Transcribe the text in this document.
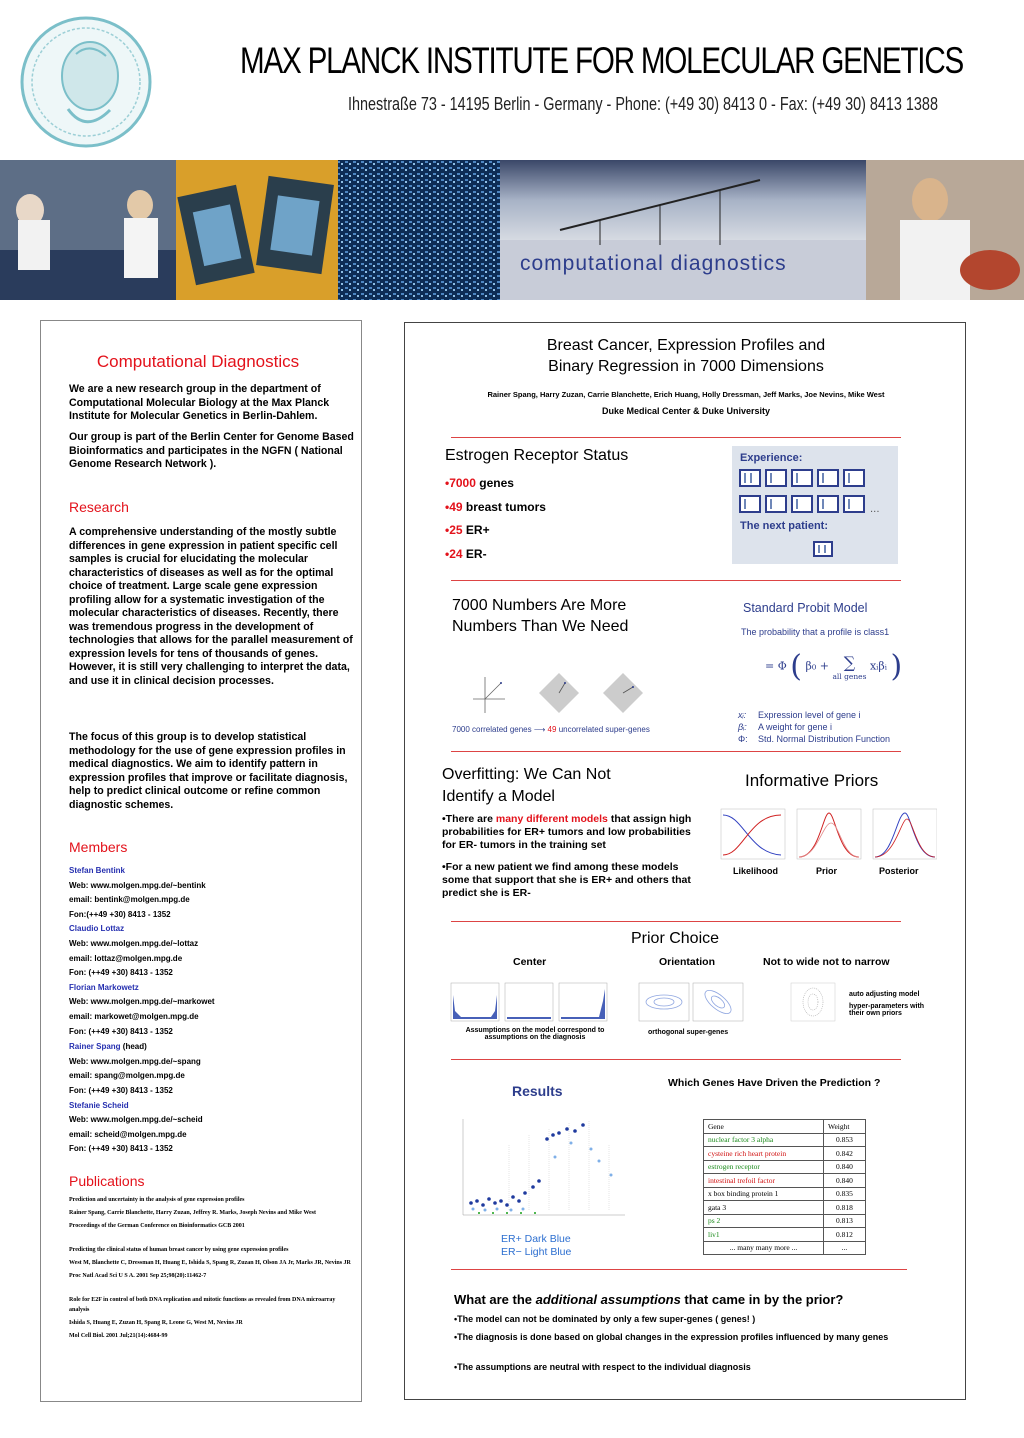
MAX PLANCK INSTITUTE FOR MOLECULAR GENETICS
Ihnestraße 73 - 14195 Berlin - Germany - Phone: (+49 30) 8413 0 - Fax: (+49 30) 8413 1388
computational diagnostics
Computational Diagnostics
We are a new research group in the department of Computational Molecular Biology at the Max Planck Institute for Molecular Genetics in Berlin-Dahlem.
Our group is part of the Berlin Center for Genome Based Bioinformatics and participates in the NGFN ( National Genome Research Network ).
Research
A comprehensive understanding of the mostly subtle differences in gene expression in patient specific cell samples is crucial for elucidating the molecular characteristics of diseases as well as for the optimal choice of treatment. Large scale gene expression profiling allow for a systematic investigation of the molecular characteristics of diseases. Recently, there was tremendous progress in the development of technologies that allows for the parallel measurement of expression levels for tens of thousands of genes. However, it is still very challenging to interpret the data, and use it in clinical decision processes.
The focus of this group is to develop statistical methodology for the use of gene expression profiles in medical diagnostics. We aim to identify pattern in expression profiles that improve or facilitate diagnosis, help to predict clinical outcome or refine common diagnostic schemes.
Members
Stefan Bentink
Web: www.molgen.mpg.de/~bentink
email: bentink@molgen.mpg.de
Fon:(++49 +30) 8413 - 1352
Claudio Lottaz
Web: www.molgen.mpg.de/~lottaz
email: lottaz@molgen.mpg.de
Fon: (++49 +30) 8413 - 1352
Florian Markowetz
Web: www.molgen.mpg.de/~markowet
email: markowet@molgen.mpg.de
Fon: (++49 +30) 8413 - 1352
Rainer Spang (head)
Web: www.molgen.mpg.de/~spang
email: spang@molgen.mpg.de
Fon: (++49 +30) 8413 - 1352
Stefanie Scheid
Web: www.molgen.mpg.de/~scheid
email: scheid@molgen.mpg.de
Fon: (++49 +30) 8413 - 1352
Publications
Prediction and uncertainty in the analysis of gene expression profiles
Rainer Spang, Carrie Blanchette, Harry Zuzan, Jeffrey R. Marks, Joseph Nevins and Mike West
Proceedings of the German Conference on Bioinformatics GCB 2001
Predicting the clinical status of human breast cancer by using gene expression profiles
West M, Blanchette C, Dressman H, Huang E, Ishida S, Spang R, Zuzan H, Olson JA Jr, Marks JR, Nevins JR
Proc Natl Acad Sci U S A. 2001 Sep 25;98(20):11462-7
Role for E2F in control of both DNA replication and mitotic functions as revealed from DNA microarray analysis
Ishida S, Huang E, Zuzan H, Spang R, Leone G, West M, Nevins JR
Mol Cell Biol. 2001 Jul;21(14):4684-99
Breast Cancer, Expression Profiles and
Binary Regression in 7000 Dimensions
Rainer Spang, Harry Zuzan, Carrie Blanchette, Erich Huang, Holly Dressman, Jeff Marks, Joe Nevins, Mike West
Duke Medical Center & Duke University
Estrogen Receptor Status
•7000 genes
•49 breast tumors
•25 ER+
•24 ER-
Experience:
...
The next patient:
7000 Numbers Are More
Numbers Than We Need
7000 correlated genes ⟶ 49 uncorrelated super-genes
Standard Probit Model
The probability that a profile is class1
= Φ ( β₀ + ∑
all genes
xᵢβᵢ )
xᵢ: Expression level of gene i
βᵢ: A weight for gene i
Φ: Std. Normal Distribution Function
Overfitting: We Can Not
Identify a Model
•There are many different models that assign high probabilities for ER+ tumors and low probabilities for ER- tumors in the training set
•For a new patient we find among these models some that support that she is ER+ and others that predict she is ER-
Informative Priors
Likelihood	Prior	Posterior
Prior Choice
Center	Orientation	Not to wide not to narrow
Assumptions on the model correspond to assumptions on the diagnosis
orthogonal super-genes
auto adjusting model
hyper-parameters with their own priors
Results	Which Genes Have Driven the Prediction ?
ER+ Dark Blue
ER− Light Blue
Gene	Weight
nuclear factor 3 alpha	0.853
cysteine rich heart protein	0.842
estrogen receptor	0.840
intestinal trefoil factor	0.840
x box binding protein 1	0.835
gata 3	0.818
ps 2	0.813
liv1	0.812
... many many more ...	...
What are the additional assumptions that came in by the prior?
•The model can not be dominated by only a few super-genes ( genes! )
•The diagnosis is done based on global changes in the expression profiles influenced by many genes
•The assumptions are neutral with respect to the individual diagnosis
